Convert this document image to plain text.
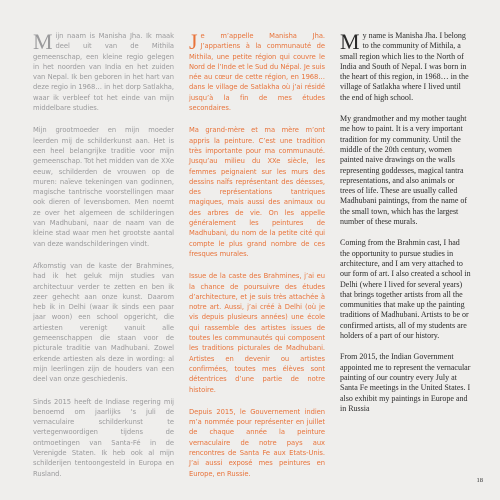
Mijn naam is Manisha Jha. Ik maak deel uit van de Mithila gemeenschap, een kleine regio gelegen in het noorden van India en het zuiden van Nepal. Ik ben geboren in het hart van deze regio in 1968… in het dorp Satlakha, waar ik verbleef tot het einde van mijn middelbare studies.

Mijn grootmoeder en mijn moeder leerden mij de schilderkunst aan. Het is een heel belangrijke traditie voor mijn gemeenschap. Tot het midden van de XXe eeuw, schilderden de vrouwen op de muren: naïeve tekeningen van godinnen, magische tantrische voorstellingen maar ook dieren of levensbomen. Men noemt ze over het algemeen de schilderingen van Madhubani, naar de naam van de kleine stad waar men het grootste aantal van deze wandschilderingen vindt.

Afkomstig van de kaste der Brahmines, had ik het geluk mijn studies van architectuur verder te zetten en ben ik zeer gehecht aan onze kunst. Daarom heb ik in Delhi (waar ik sinds een paar jaar woon) een school opgericht, die artiesten verenigt vanuit alle gemeenschappen die staan voor de picturale traditie van Madhubani. Zowel erkende artiesten als deze in wording: al mijn leerlingen zijn de houders van een deel van onze geschiedenis.

Sinds 2015 heeft de Indiase regering mij benoemd om jaarlijks ‘s juli de vernaculaire schilderkunst te vertegenwoordigen tijdens de ontmoetingen van Santa-Fé in de Verenigde Staten. Ik heb ook al mijn schilderijen tentoongesteld in Europa en Rusland.

Je m’appelle Manisha Jha. J’appartiens à la communauté de Mithila, une petite région qui couvre le Nord de l’Inde et le Sud du Népal. Je suis née au cœur de cette région, en 1968… dans le village de Satlakha où j’ai résidé jusqu’à la fin de mes études secondaires.

Ma grand-mère et ma mère m’ont appris la peinture. C’est une tradition très importante pour ma communauté. Jusqu’au milieu du XXe siècle, les femmes peignaient sur les murs des dessins naïfs représentant des déesses, des représentations tantriques magiques, mais aussi des animaux ou des arbres de vie. On les appelle généralement les peintures de Madhubani, du nom de la petite cité qui compte le plus grand nombre de ces fresques murales.

Issue de la caste des Brahmines, j’ai eu la chance de poursuivre des études d’architecture, et je suis très attachée à notre art. Aussi, j’ai créé à Delhi (où je vis depuis plusieurs années) une école qui rassemble des artistes issues de toutes les communautés qui composent les traditions picturales de Madhubani. Artistes en devenir ou artistes confirmées, toutes mes élèves sont détentrices d’une partie de notre histoire.

Depuis 2015, le Gouvernement indien m’a nommée pour représenter en juillet de chaque année la peinture vernaculaire de notre pays aux rencontres de Santa Fe aux Etats-Unis. J’ai aussi exposé mes peintures en Europe, en Russie.

My name is Manisha Jha. I belong to the community of Mithila, a small region which lies to the North of India and South of Nepal. I was born in the heart of this region, in 1968… in the village of Satlakha where I lived until the end of high school.

My grandmother and my mother taught me how to paint. It is a very important tradition for my community. Until the middle of the 20th century, women painted naive drawings on the walls representing goddesses, magical tantra representations, and also animals or trees of life. These are usually called Madhubani paintings, from the name of the small town, which has the largest number of these murals.

Coming from the Brahmin cast, I had the opportunity to pursue studies in architecture, and I am very attached to our form of art. I also created a school in Delhi (where I lived for several years) that brings together artists from all the communities that make up the painting traditions of Madhubani. Artists to be or confirmed artists, all of my students are holders of a part of our history.

From 2015, the Indian Government appointed me to represent the vernacular painting of our country every July at Santa Fe meetings in the United States. I also exhibit my paintings in Europe and in Russia

18
